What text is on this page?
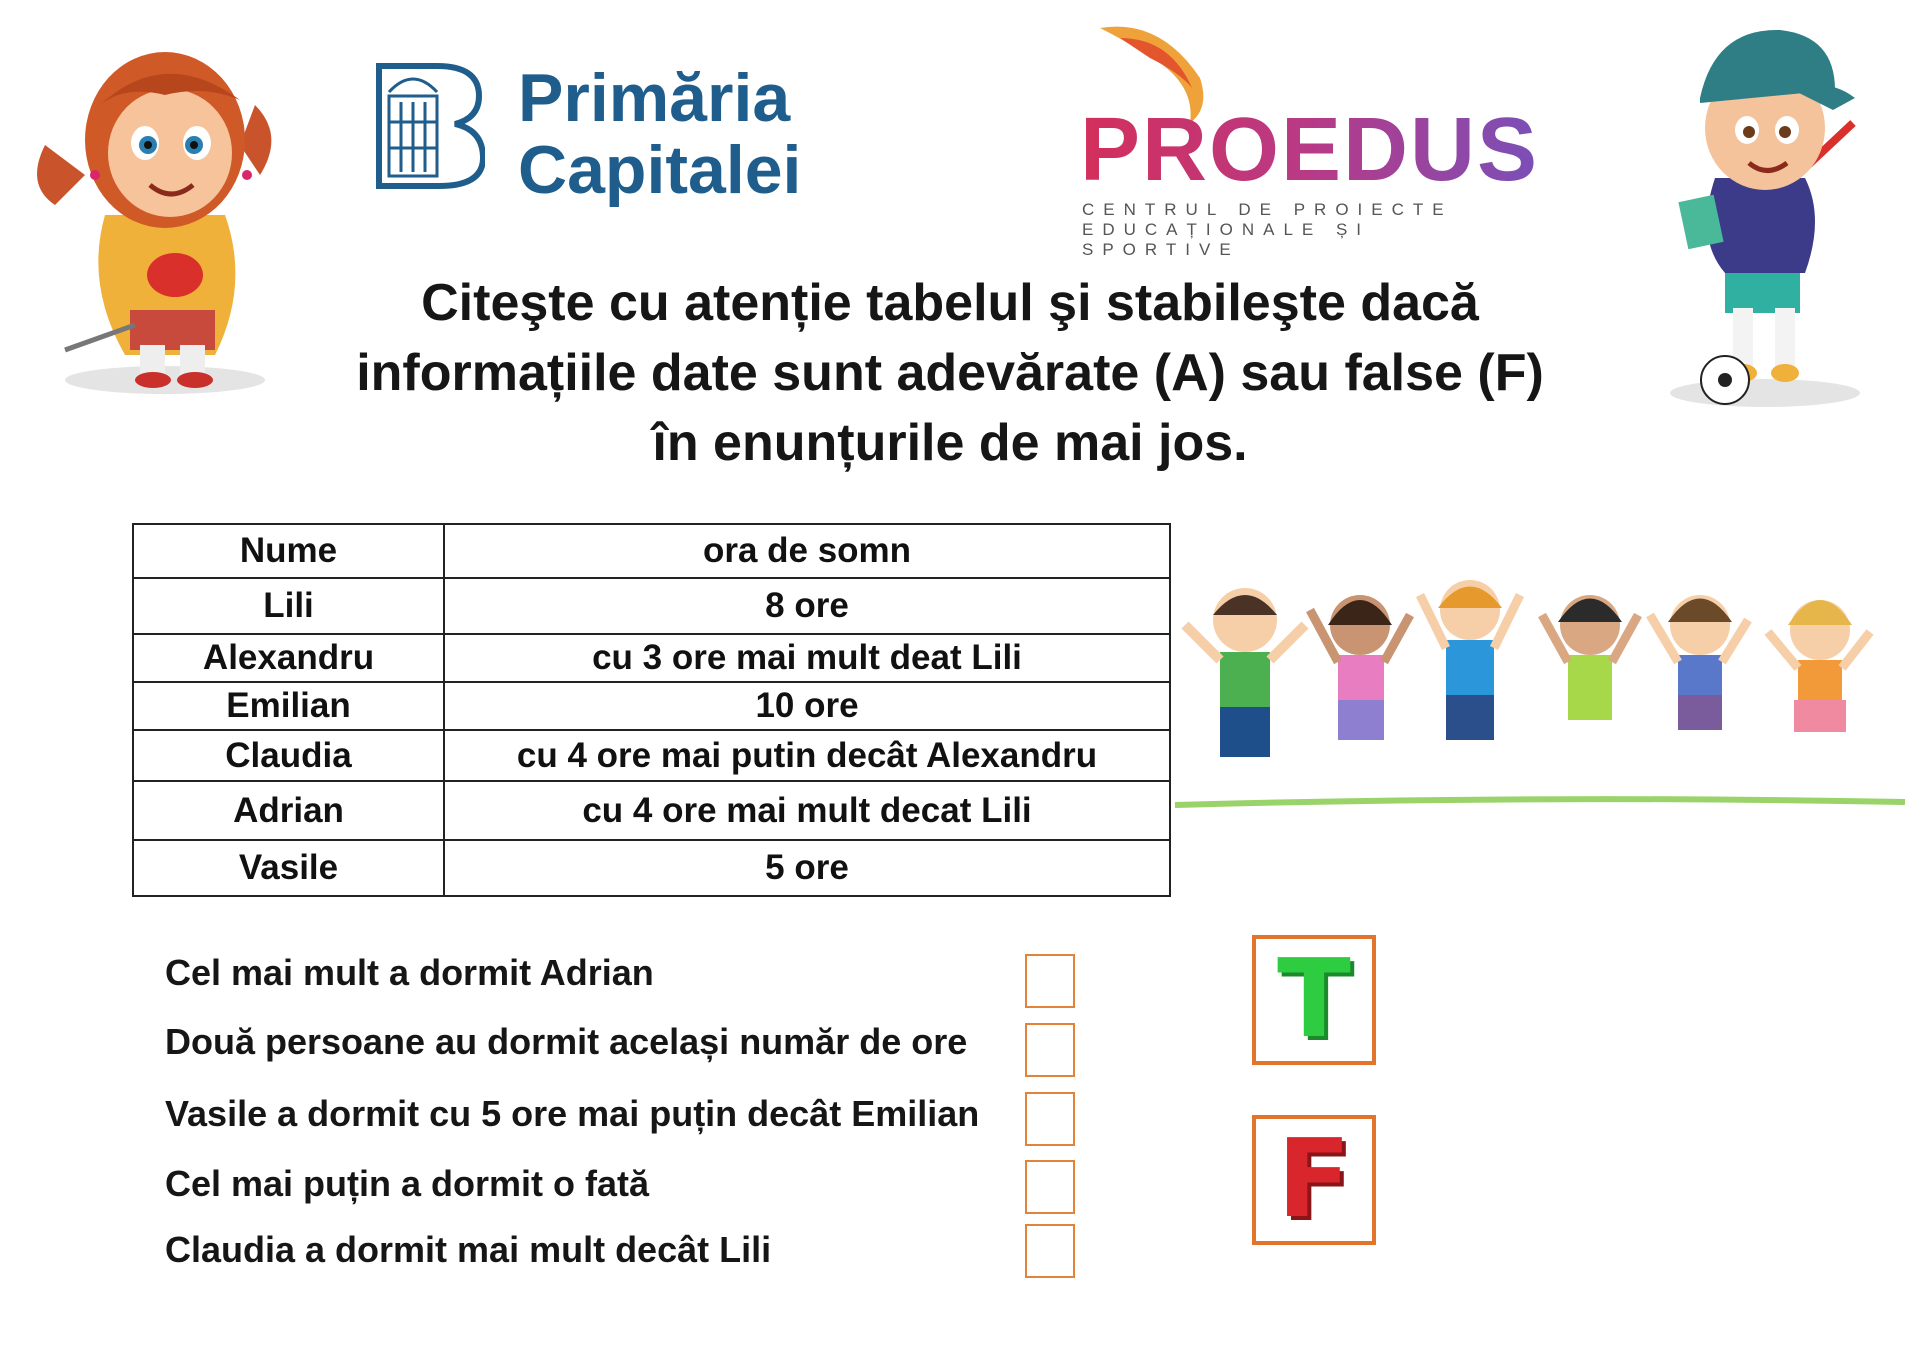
Primăria
Capitalei	PROEDUS
CENTRUL DE PROIECTE
EDUCAȚIONALE ȘI SPORTIVE
Citeşte cu atenție tabelul şi stabileşte dacă
informațiile date sunt adevărate (A) sau false (F)
în enunțurile de mai jos.
Nume	ora de somn
Lili	8 ore
Alexandru	cu 3 ore mai mult deat Lili
Emilian	10 ore
Claudia	cu 4 ore mai putin decât Alexandru
Adrian	cu 4 ore mai mult decat Lili
Vasile	5 ore
Cel mai mult a dormit Adrian
Două persoane au dormit același număr de ore
Vasile a dormit cu 5 ore mai puțin decât Emilian
Cel mai puțin a dormit o fată
Claudia a dormit mai mult decât Lili
T
F
